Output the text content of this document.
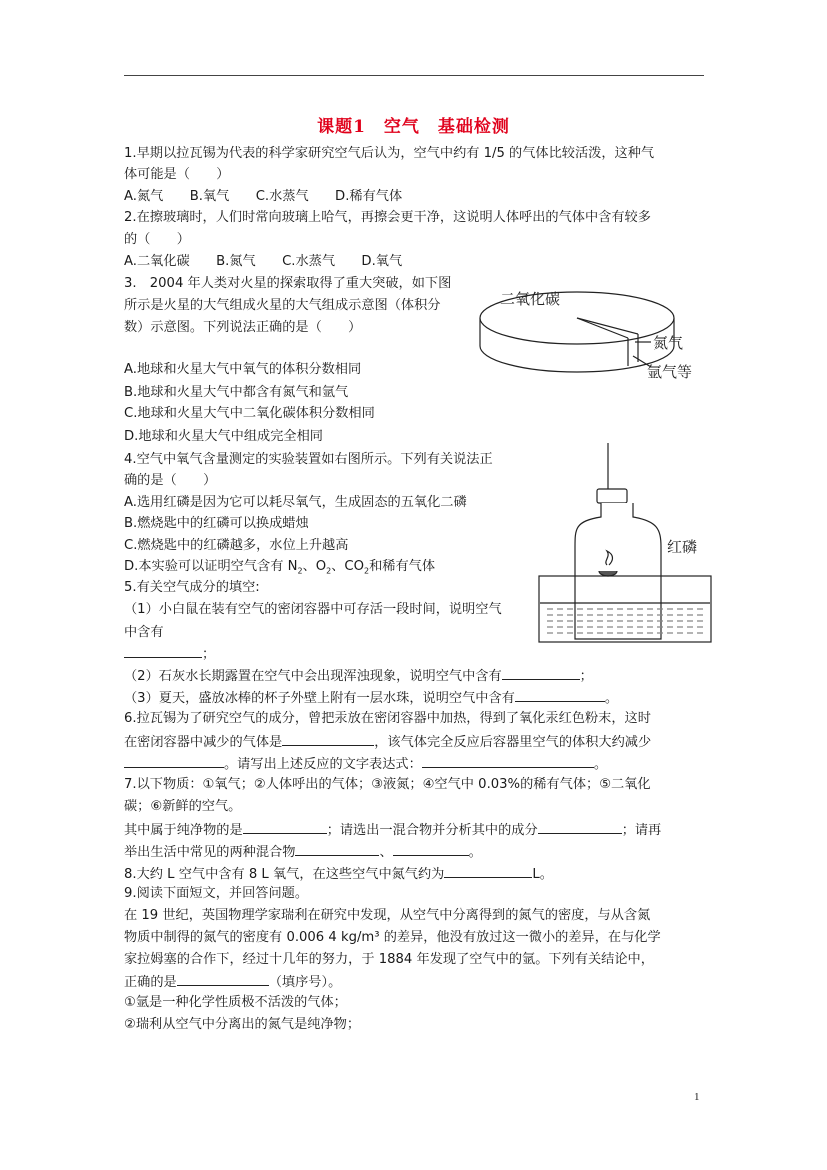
课题1　空气　基础检测
1.早期以拉瓦锡为代表的科学家研究空气后认为，空气中约有 1/5 的气体比较活泼，这种气
体可能是（　　）
A.氮气　　B.氧气　　C.水蒸气　　D.稀有气体
2.在擦玻璃时，人们时常向玻璃上哈气，再擦会更干净，这说明人体呼出的气体中含有较多
的（　　）
A.二氧化碳　　B.氮气　　C.水蒸气　　D.氧气
3.　2004 年人类对火星的探索取得了重大突破，如下图
所示是火星的大气组成火星的大气组成示意图（体积分
数）示意图。下列说法正确的是（　　）
A.地球和火星大气中氧气的体积分数相同
B.地球和火星大气中都含有氮气和氩气
C.地球和火星大气中二氧化碳体积分数相同
D.地球和火星大气中组成完全相同
二氧化碳
氮气
氩气等
4.空气中氧气含量测定的实验装置如右图所示。下列有关说法正
确的是（　　）
A.选用红磷是因为它可以耗尽氧气，生成固态的五氧化二磷
B.燃烧匙中的红磷可以换成蜡烛
C.燃烧匙中的红磷越多，水位上升越高
D.本实验可以证明空气含有 $N_2$、$O_2$、$CO_2$和稀有气体
红磷
5.有关空气成分的填空:
（1）小白鼠在装有空气的密闭容器中可存活一段时间，说明空气
中含有
；
（2）石灰水长期露置在空气中会出现浑浊现象，说明空气中含有	；
（3）夏天，盛放冰棒的杯子外壁上附有一层水珠，说明空气中含有	。
6.拉瓦锡为了研究空气的成分，曾把汞放在密闭容器中加热，得到了氧化汞红色粉末，这时
在密闭容器中减少的气体是	，该气体完全反应后容器里空气的体积大约减少
。请写出上述反应的文字表达式：	。
7.以下物质：①氧气；②人体呼出的气体；③液氮；④空气中 0.03%的稀有气体；⑤二氧化
碳；⑥新鲜的空气。
其中属于纯净物的是	；请选出一混合物并分析其中的成分	；请再
举出生活中常见的两种混合物	、	。
8.大约 L 空气中含有 8 L 氧气，在这些空气中氮气约为	L。
9.阅读下面短文，并回答问题。
在 19 世纪，英国物理学家瑞利在研究中发现，从空气中分离得到的氮气的密度，与从含氮
物质中制得的氮气的密度有 0.006 4 kg/m³ 的差异，他没有放过这一微小的差异，在与化学
家拉姆塞的合作下，经过十几年的努力，于 1884 年发现了空气中的氩。下列有关结论中，
正确的是	（填序号）。
①氩是一种化学性质极不活泼的气体；
②瑞利从空气中分离出的氮气是纯净物；
1
